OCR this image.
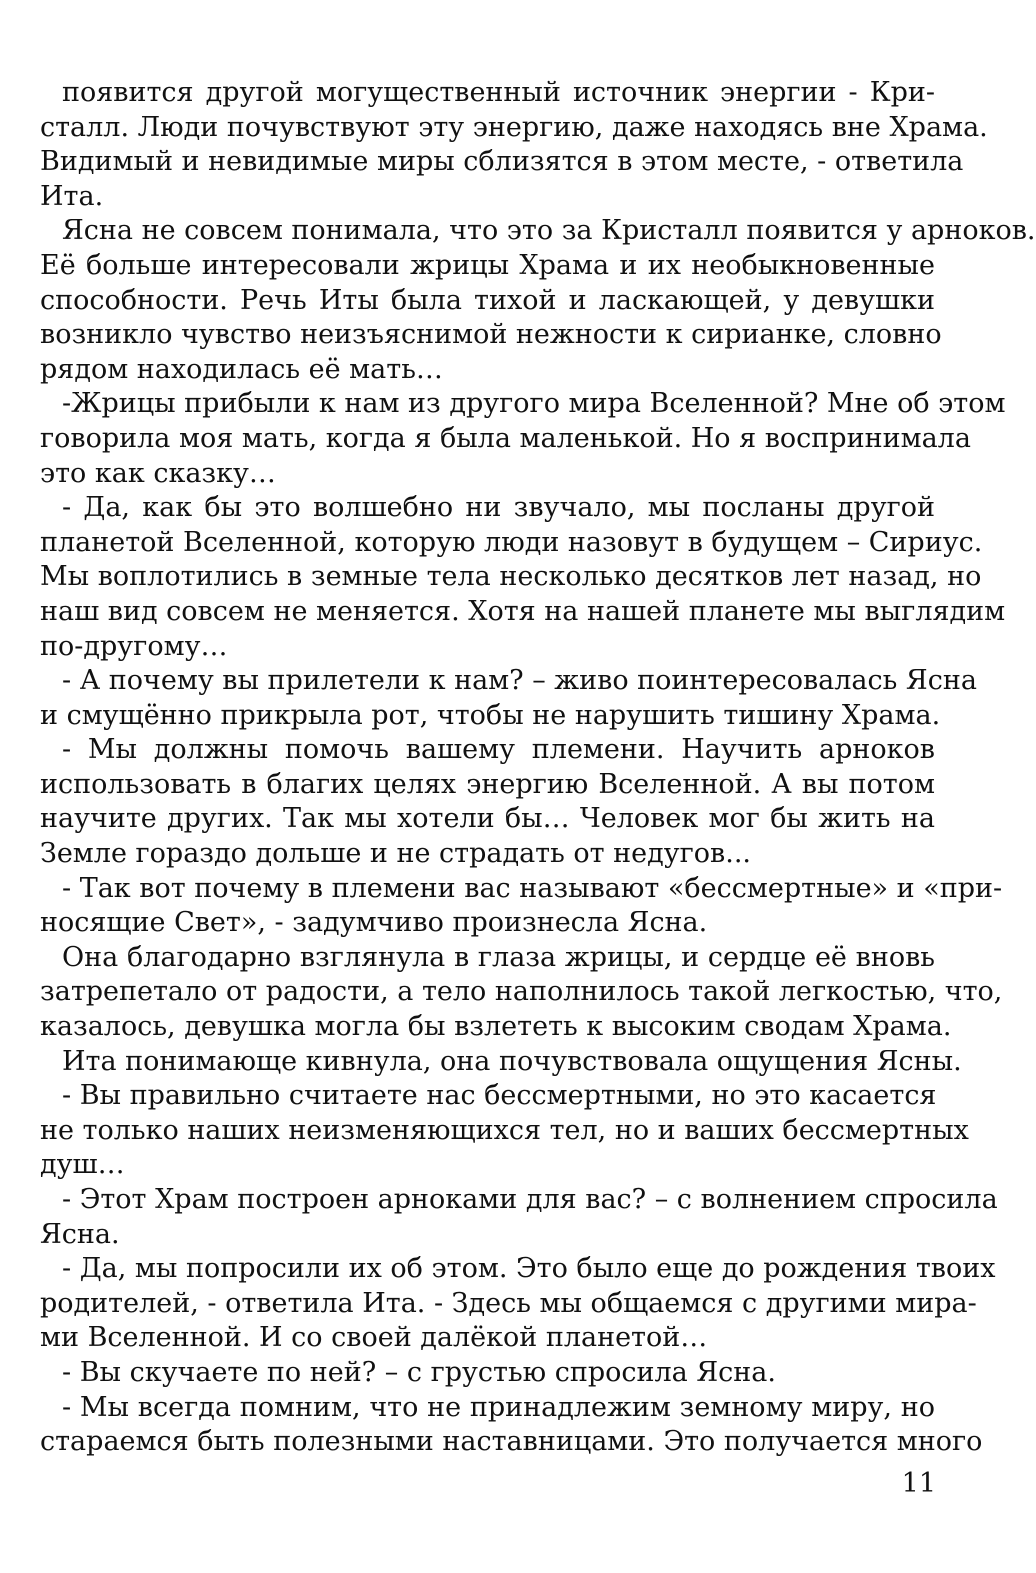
появится другой могущественный источник энергии - Кри-
сталл. Люди почувствуют эту энергию, даже находясь вне Храма.
Видимый и невидимые миры сблизятся в этом месте, - ответила
Ита.
Ясна не совсем понимала, что это за Кристалл появится у арноков.
Её больше интересовали жрицы Храма и их необыкновенные
способности. Речь Иты была тихой и ласкающей, у девушки
возникло чувство неизъяснимой нежности к сирианке, словно
рядом находилась её мать…
-Жрицы прибыли к нам из другого мира Вселенной? Мне об этом
говорила моя мать, когда я была маленькой. Но я воспринимала
это как сказку…
- Да, как бы это волшебно ни звучало, мы посланы другой
планетой Вселенной, которую люди назовут в будущем – Сириус.
Мы воплотились в земные тела несколько десятков лет назад, но
наш вид совсем не меняется. Хотя на нашей планете мы выглядим
по-другому…
- А почему вы прилетели к нам? – живо поинтересовалась Ясна
и смущённо прикрыла рот, чтобы не нарушить тишину Храма.
- Мы должны помочь вашему племени. Научить арноков
использовать в благих целях энергию Вселенной. А вы потом
научите других. Так мы хотели бы… Человек мог бы жить на
Земле гораздо дольше и не страдать от недугов...
- Так вот почему в племени вас называют «бессмертные» и «при-
носящие Свет», - задумчиво произнесла Ясна.
Она благодарно взглянула в глаза жрицы, и сердце её вновь
затрепетало от радости, а тело наполнилось такой легкостью, что,
казалось, девушка могла бы взлететь к высоким сводам Храма.
Ита понимающе кивнула, она почувствовала ощущения Ясны.
- Вы правильно считаете нас бессмертными, но это касается
не только наших неизменяющихся тел, но и ваших бессмертных
душ…
- Этот Храм построен арноками для вас? – с волнением спросила
Ясна.
- Да, мы попросили их об этом. Это было еще до рождения твоих
родителей, - ответила Ита. - Здесь мы общаемся с другими мира-
ми Вселенной. И со своей далёкой планетой…
- Вы скучаете по ней? – с грустью спросила Ясна.
- Мы всегда помним, что не принадлежим земному миру, но
стараемся быть полезными наставницами. Это получается много
11
